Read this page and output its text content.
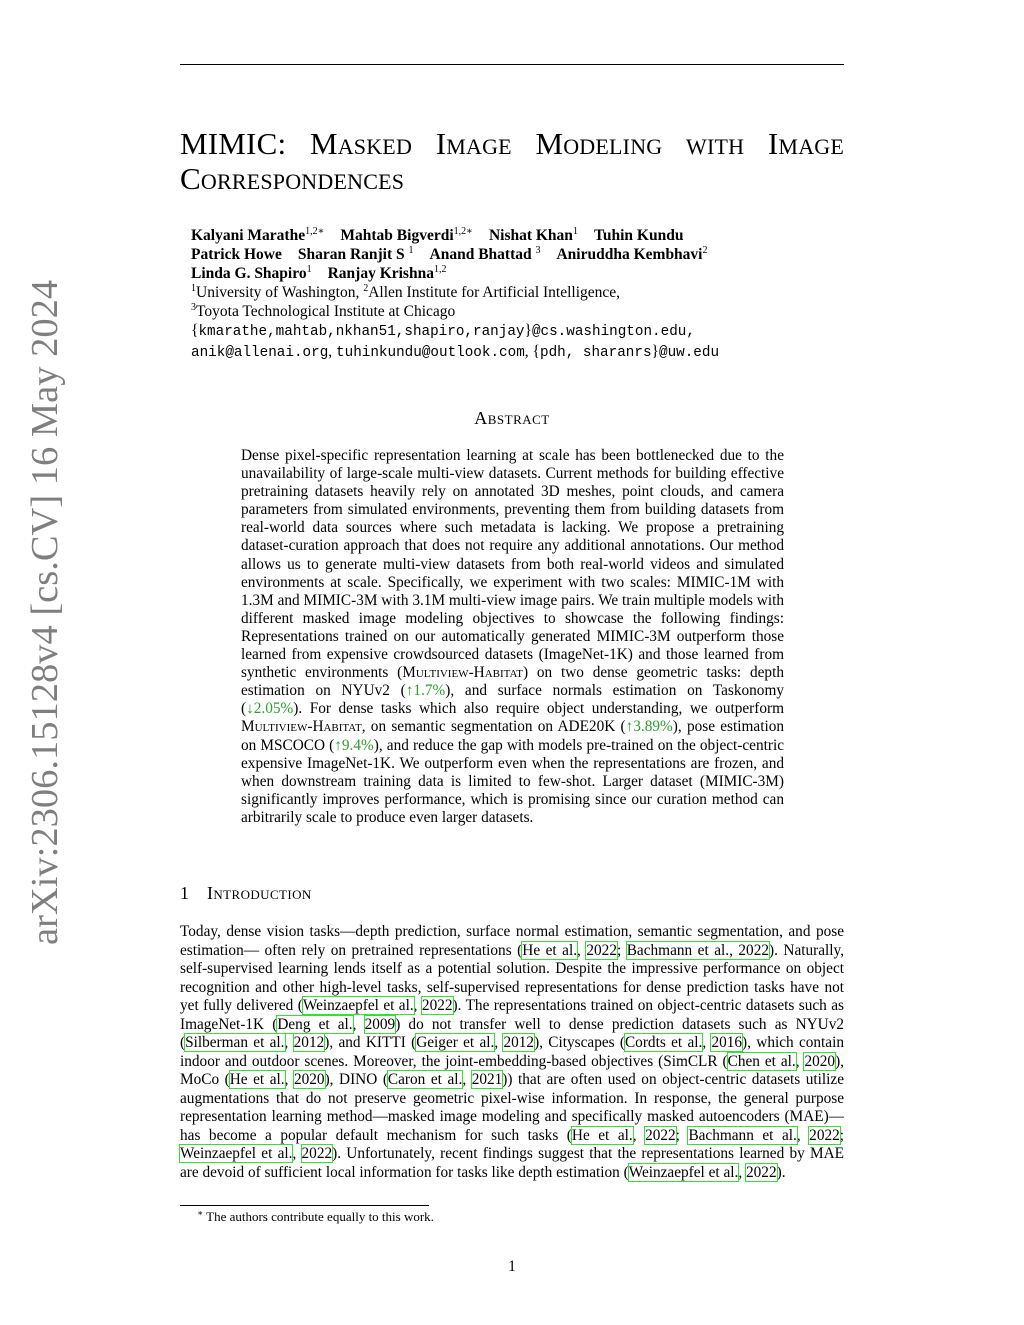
arXiv:2306.15128v4 [cs.CV] 16 May 2024
MIMIC: Masked Image Modeling with Image Correspondences
Kalyani Marathe$^{1,2∗}$ Mahtab Bigverdi$^{1,2∗}$ Nishat Khan$^1$ Tuhin Kundu
Patrick Howe Sharan Ranjit S $^1$ Anand Bhattad $^3$ Aniruddha Kembhavi$^2$
Linda G. Shapiro$^1$ Ranjay Krishna$^{1,2}$
$^1$University of Washington, $^2$Allen Institute for Artificial Intelligence,
$^3$Toyota Technological Institute at Chicago
{kmarathe,mahtab,nkhan51,shapiro,ranjay}@cs.washington.edu,
anik@allenai.org, tuhinkundu@outlook.com, {pdh, sharanrs}@uw.edu
Abstract

Dense pixel-specific representation learning at scale has been bottlenecked due to the unavailability of large-scale multi-view datasets. Current methods for building effective pretraining datasets heavily rely on annotated 3D meshes, point clouds, and camera parameters from simulated environments, preventing them from building datasets from real-world data sources where such metadata is lacking. We propose a pretraining dataset-curation approach that does not require any additional annotations. Our method allows us to generate multi-view datasets from both real-world videos and simulated environments at scale. Specifically, we experiment with two scales: MIMIC-1M with 1.3M and MIMIC-3M with 3.1M multi-view image pairs. We train multiple models with different masked image modeling objectives to showcase the following findings: Representations trained on our automatically generated MIMIC-3M outperform those learned from expensive crowdsourced datasets (ImageNet-1K) and those learned from synthetic environments (Multiview-Habitat) on two dense geometric tasks: depth estimation on NYUv2 (↑1.7%), and surface normals estimation on Taskonomy (↓2.05%). For dense tasks which also require object understanding, we outperform Multiview-Habitat, on semantic segmentation on ADE20K (↑3.89%), pose estimation on MSCOCO (↑9.4%), and reduce the gap with models pre-trained on the object-centric expensive ImageNet-1K. We outperform even when the representations are frozen, and when downstream training data is limited to few-shot. Larger dataset (MIMIC-3M) significantly improves performance, which is promising since our curation method can arbitrarily scale to produce even larger datasets.

1 Introduction

Today, dense vision tasks—depth prediction, surface normal estimation, semantic segmentation, and pose estimation— often rely on pretrained representations (He et al., 2022; Bachmann et al., 2022). Naturally, self-supervised learning lends itself as a potential solution. Despite the impressive performance on object recognition and other high-level tasks, self-supervised representations for dense prediction tasks have not yet fully delivered (Weinzaepfel et al., 2022). The representations trained on object-centric datasets such as ImageNet-1K (Deng et al., 2009) do not transfer well to dense prediction datasets such as NYUv2 (Silberman et al., 2012), and KITTI (Geiger et al., 2012), Cityscapes (Cordts et al., 2016), which contain indoor and outdoor scenes. Moreover, the joint-embedding-based objectives (SimCLR (Chen et al., 2020), MoCo (He et al., 2020), DINO (Caron et al., 2021)) that are often used on object-centric datasets utilize augmentations that do not preserve geometric pixel-wise information. In response, the general purpose representation learning method—masked image modeling and specifically masked autoencoders (MAE)—has become a popular default mechanism for such tasks (He et al., 2022; Bachmann et al., 2022; Weinzaepfel et al., 2022). Unfortunately, recent findings suggest that the representations learned by MAE are devoid of sufficient local information for tasks like depth estimation (Weinzaepfel et al., 2022).

∗ The authors contribute equally to this work.
1
